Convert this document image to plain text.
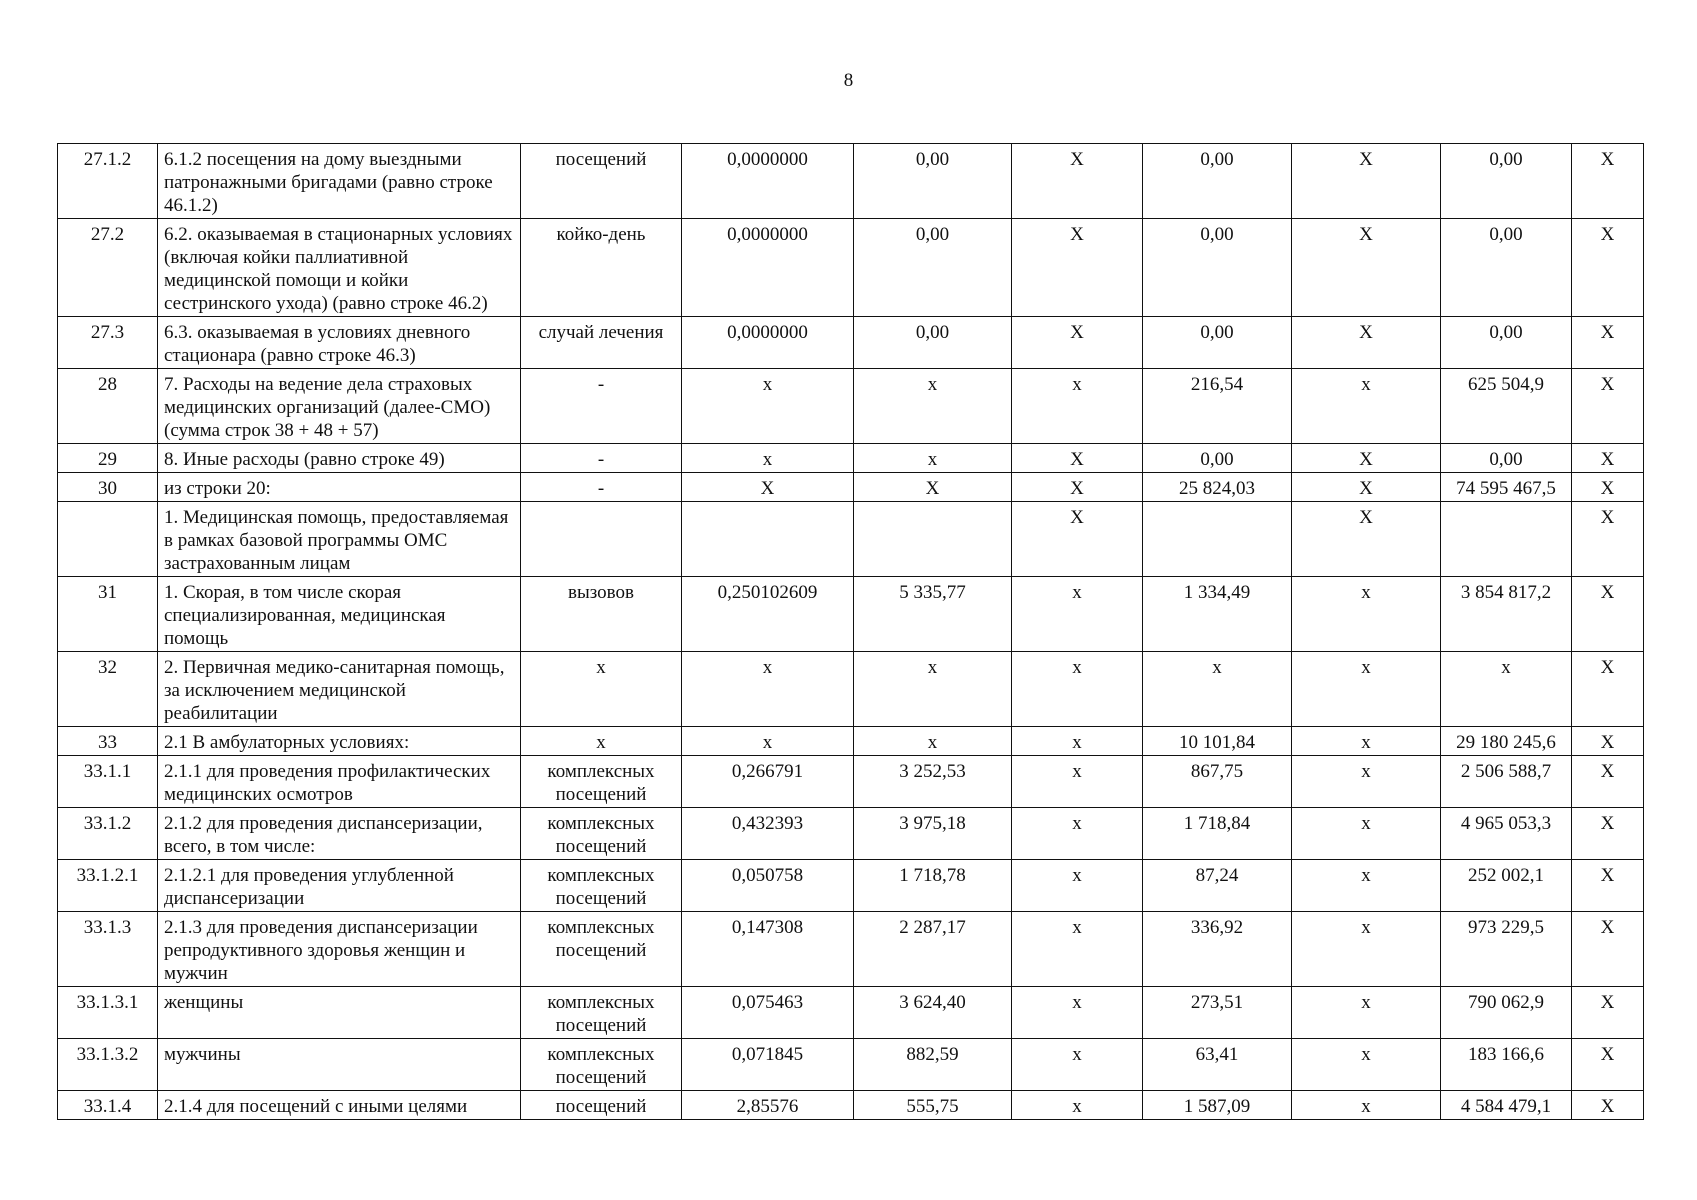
8
27.1.2	6.1.2 посещения на дому выездными патронажными бригадами (равно строке 46.1.2)	посещений	0,0000000	0,00	Х	0,00	Х	0,00	Х
27.2	6.2. оказываемая в стационарных условиях (включая койки паллиативной медицинской помощи и койки сестринского ухода) (равно строке 46.2)	койко-день	0,0000000	0,00	Х	0,00	Х	0,00	Х
27.3	6.3. оказываемая в условиях дневного стационара (равно строке 46.3)	случай лечения	0,0000000	0,00	Х	0,00	Х	0,00	Х
28	7. Расходы на ведение дела страховых медицинских организаций (далее-СМО) (сумма строк 38 + 48 + 57)	-	х	х	х	216,54	х	625 504,9	Х
29	8. Иные расходы (равно строке 49)	-	х	х	Х	0,00	Х	0,00	Х
30	из строки 20:	-	Х	Х	Х	25 824,03	Х	74 595 467,5	Х
	1. Медицинская помощь, предоставляемая в рамках базовой программы ОМС застрахованным лицам				Х		Х		Х
31	1. Скорая, в том числе скорая специализированная, медицинская помощь	вызовов	0,250102609	5 335,77	х	1 334,49	х	3 854 817,2	Х
32	2. Первичная медико-санитарная помощь, за исключением медицинской реабилитации	х	х	х	х	х	х	х	Х
33	2.1 В амбулаторных условиях:	х	х	х	х	10 101,84	х	29 180 245,6	Х
33.1.1	2.1.1 для проведения профилактических медицинских осмотров	комплексных посещений	0,266791	3 252,53	х	867,75	х	2 506 588,7	Х
33.1.2	2.1.2 для проведения диспансеризации, всего, в том числе:	комплексных посещений	0,432393	3 975,18	х	1 718,84	х	4 965 053,3	Х
33.1.2.1	2.1.2.1 для проведения углубленной диспансеризации	комплексных посещений	0,050758	1 718,78	х	87,24	х	252 002,1	Х
33.1.3	2.1.3 для проведения диспансеризации репродуктивного здоровья женщин и мужчин	комплексных посещений	0,147308	2 287,17	х	336,92	х	973 229,5	Х
33.1.3.1	женщины	комплексных посещений	0,075463	3 624,40	х	273,51	х	790 062,9	Х
33.1.3.2	мужчины	комплексных посещений	0,071845	882,59	х	63,41	х	183 166,6	Х
33.1.4	2.1.4 для посещений с иными целями	посещений	2,85576	555,75	х	1 587,09	х	4 584 479,1	Х
